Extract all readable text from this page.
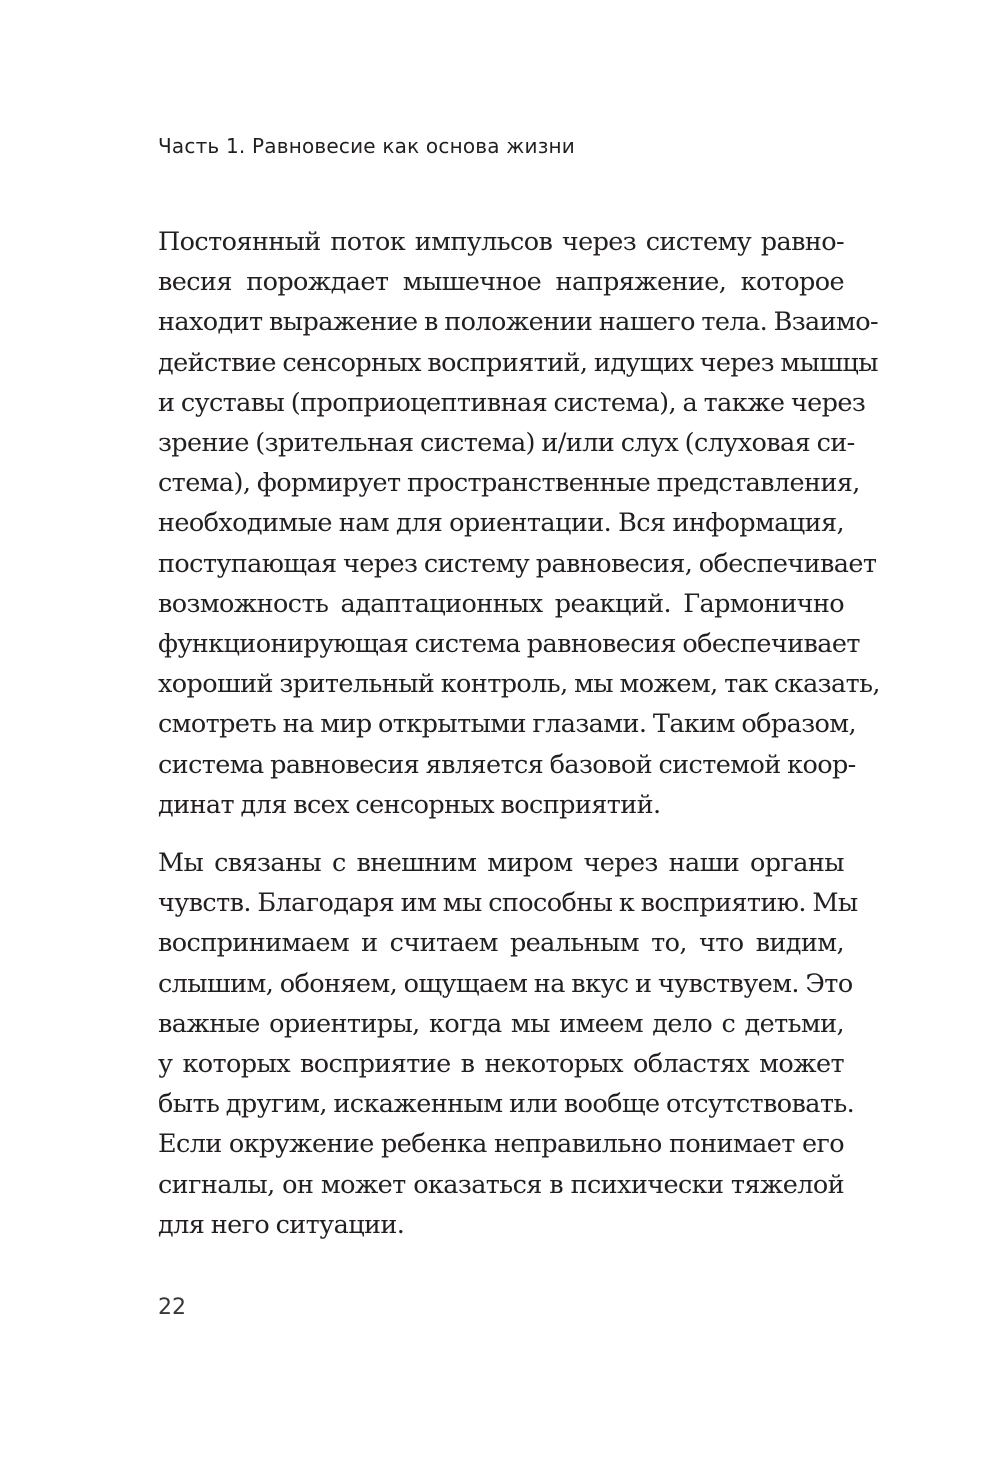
Часть 1. Равновесие как основа жизни
Постоянный поток импульсов через систему равно-
весия порождает мышечное напряжение, которое
находит выражение в положении нашего тела. Взаимо-
действие сенсорных восприятий, идущих через мышцы
и суставы (проприоцептивная система), а также через
зрение (зрительная система) и/или слух (слуховая си-
стема), формирует пространственные представления,
необходимые нам для ориентации. Вся информация,
поступающая через систему равновесия, обеспечивает
возможность адаптационных реакций. Гармонично
функционирующая система равновесия обеспечивает
хороший зрительный контроль, мы можем, так сказать,
смотреть на мир открытыми глазами. Таким образом,
система равновесия является базовой системой коор-
динат для всех сенсорных восприятий.
Мы связаны с внешним миром через наши органы
чувств. Благодаря им мы способны к восприятию. Мы
воспринимаем и считаем реальным то, что видим,
слышим, обоняем, ощущаем на вкус и чувствуем. Это
важные ориентиры, когда мы имеем дело с детьми,
у которых восприятие в некоторых областях может
быть другим, искаженным или вообще отсутствовать.
Если окружение ребенка неправильно понимает его
сигналы, он может оказаться в психически тяжелой
для него ситуации.
22
